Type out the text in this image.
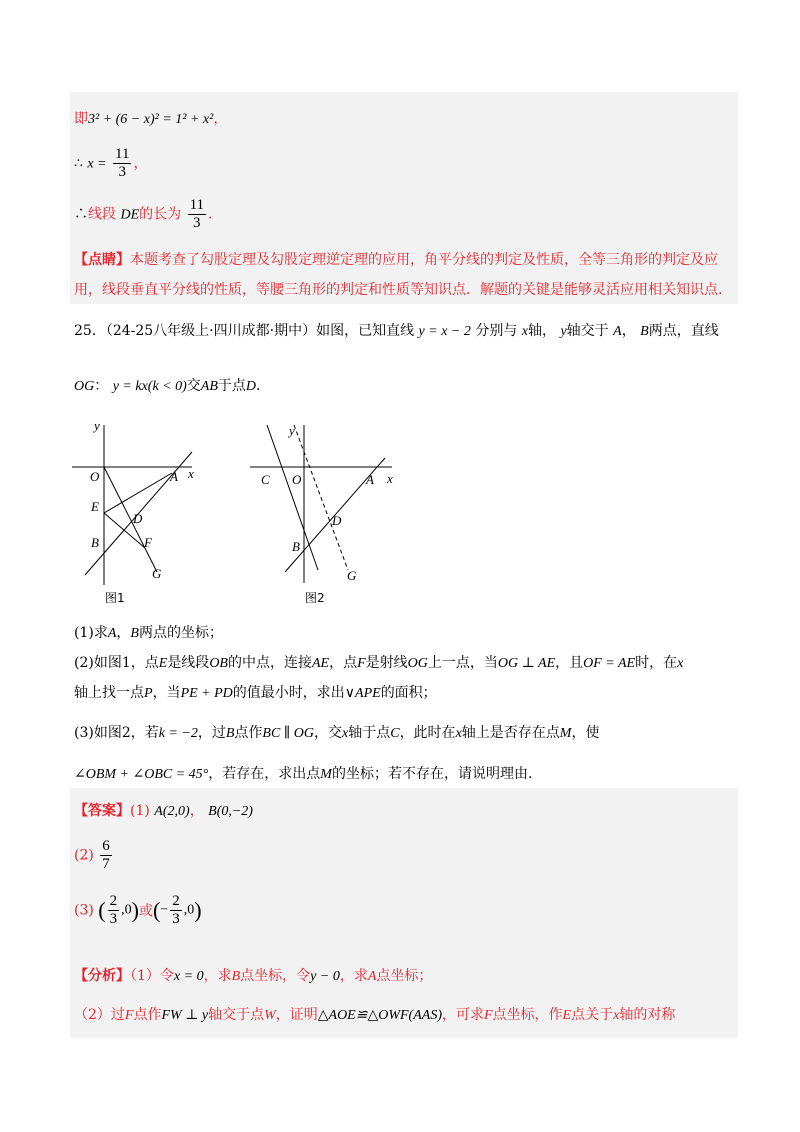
即3² + (6 − x)² = 1² + x²，
∴ $x = \frac{11}{3}$ ，
∴线段 DE的长为 $\frac{11}{3}$ ．
【点睛】本题考查了勾股定理及勾股定理逆定理的应用，角平分线的判定及性质，全等三角形的判定及应
用，线段垂直平分线的性质，等腰三角形的判定和性质等知识点．解题的关键是能够灵活应用相关知识点.
25．（24-25八年级上·四川成都·期中）如图，已知直线 y = x − 2 分别与 x轴， y轴交于 A， B两点，直线
OG： y = kx(k < 0)交AB于点D．
y
x
O	A
E
D
B	F
G
图1
y
x
C O	A
D
B
G
图2
(1)求A，B两点的坐标；
(2)如图1，点E是线段OB的中点，连接AE，点F是射线OG上一点，当OG ⊥ AE，且OF = AE时，在x
轴上找一点P，当PE + PD的值最小时，求出∨APE的面积；
(3)如图2，若k = −2，过B点作BC ∥ OG，交x轴于点C，此时在x轴上是否存在点M，使
∠OBM + ∠OBC = 45°，若存在，求出点M的坐标；若不存在，请说明理由.
【答案】(1) A(2,0)， B(0,−2)
$(2) \frac{6}{7}$
(3) ( $\frac{2}{3} ,0$)或(− $\frac{2}{3} ,0$)
【分析】（1）令x = 0，求B点坐标，令y − 0，求A点坐标；
（2）过F点作FW ⊥ y轴交于点W，证明△AOE≌△OWF(AAS)，可求F点坐标，作E点关于x轴的对称
